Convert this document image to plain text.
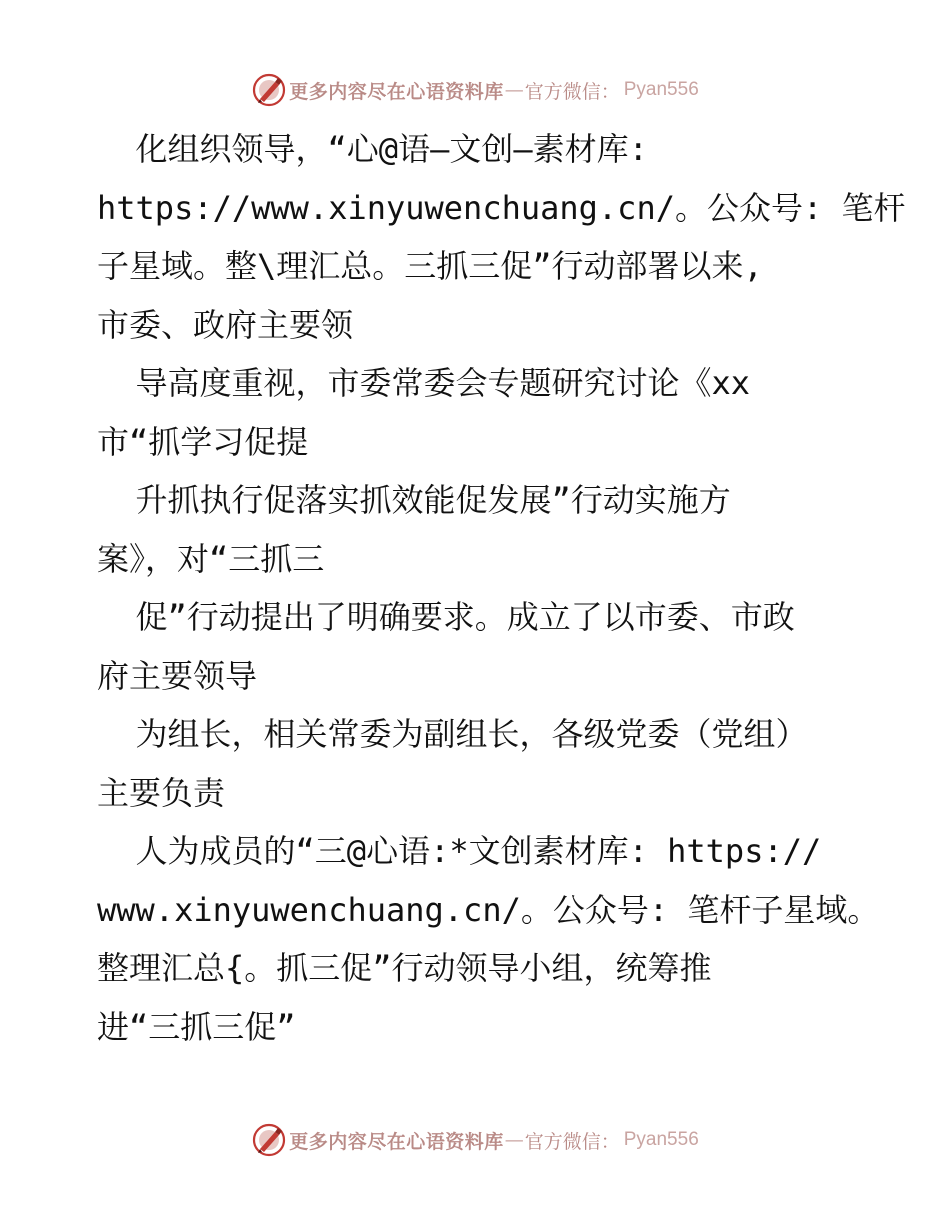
更多内容尽在心语资料库 — 官方微信： Pyan556
化组织领导，“心@语—文创—素材库:
https://www.xinyuwenchuang.cn/。公众号: 笔杆
子星域。整\理汇总。三抓三促”行动部署以来,
市委、政府主要领
导高度重视，市委常委会专题研究讨论《xx
市“抓学习促提
升抓执行促落实抓效能促发展”行动实施方
案》，对“三抓三
促”行动提出了明确要求。成立了以市委、市政
府主要领导
为组长，相关常委为副组长，各级党委（党组）
主要负责
人为成员的“三@心语:*文创素材库: https://
www.xinyuwenchuang.cn/。公众号: 笔杆子星域。
整理汇总{。抓三促”行动领导小组，统筹推
进“三抓三促”
更多内容尽在心语资料库 — 官方微信： Pyan556
